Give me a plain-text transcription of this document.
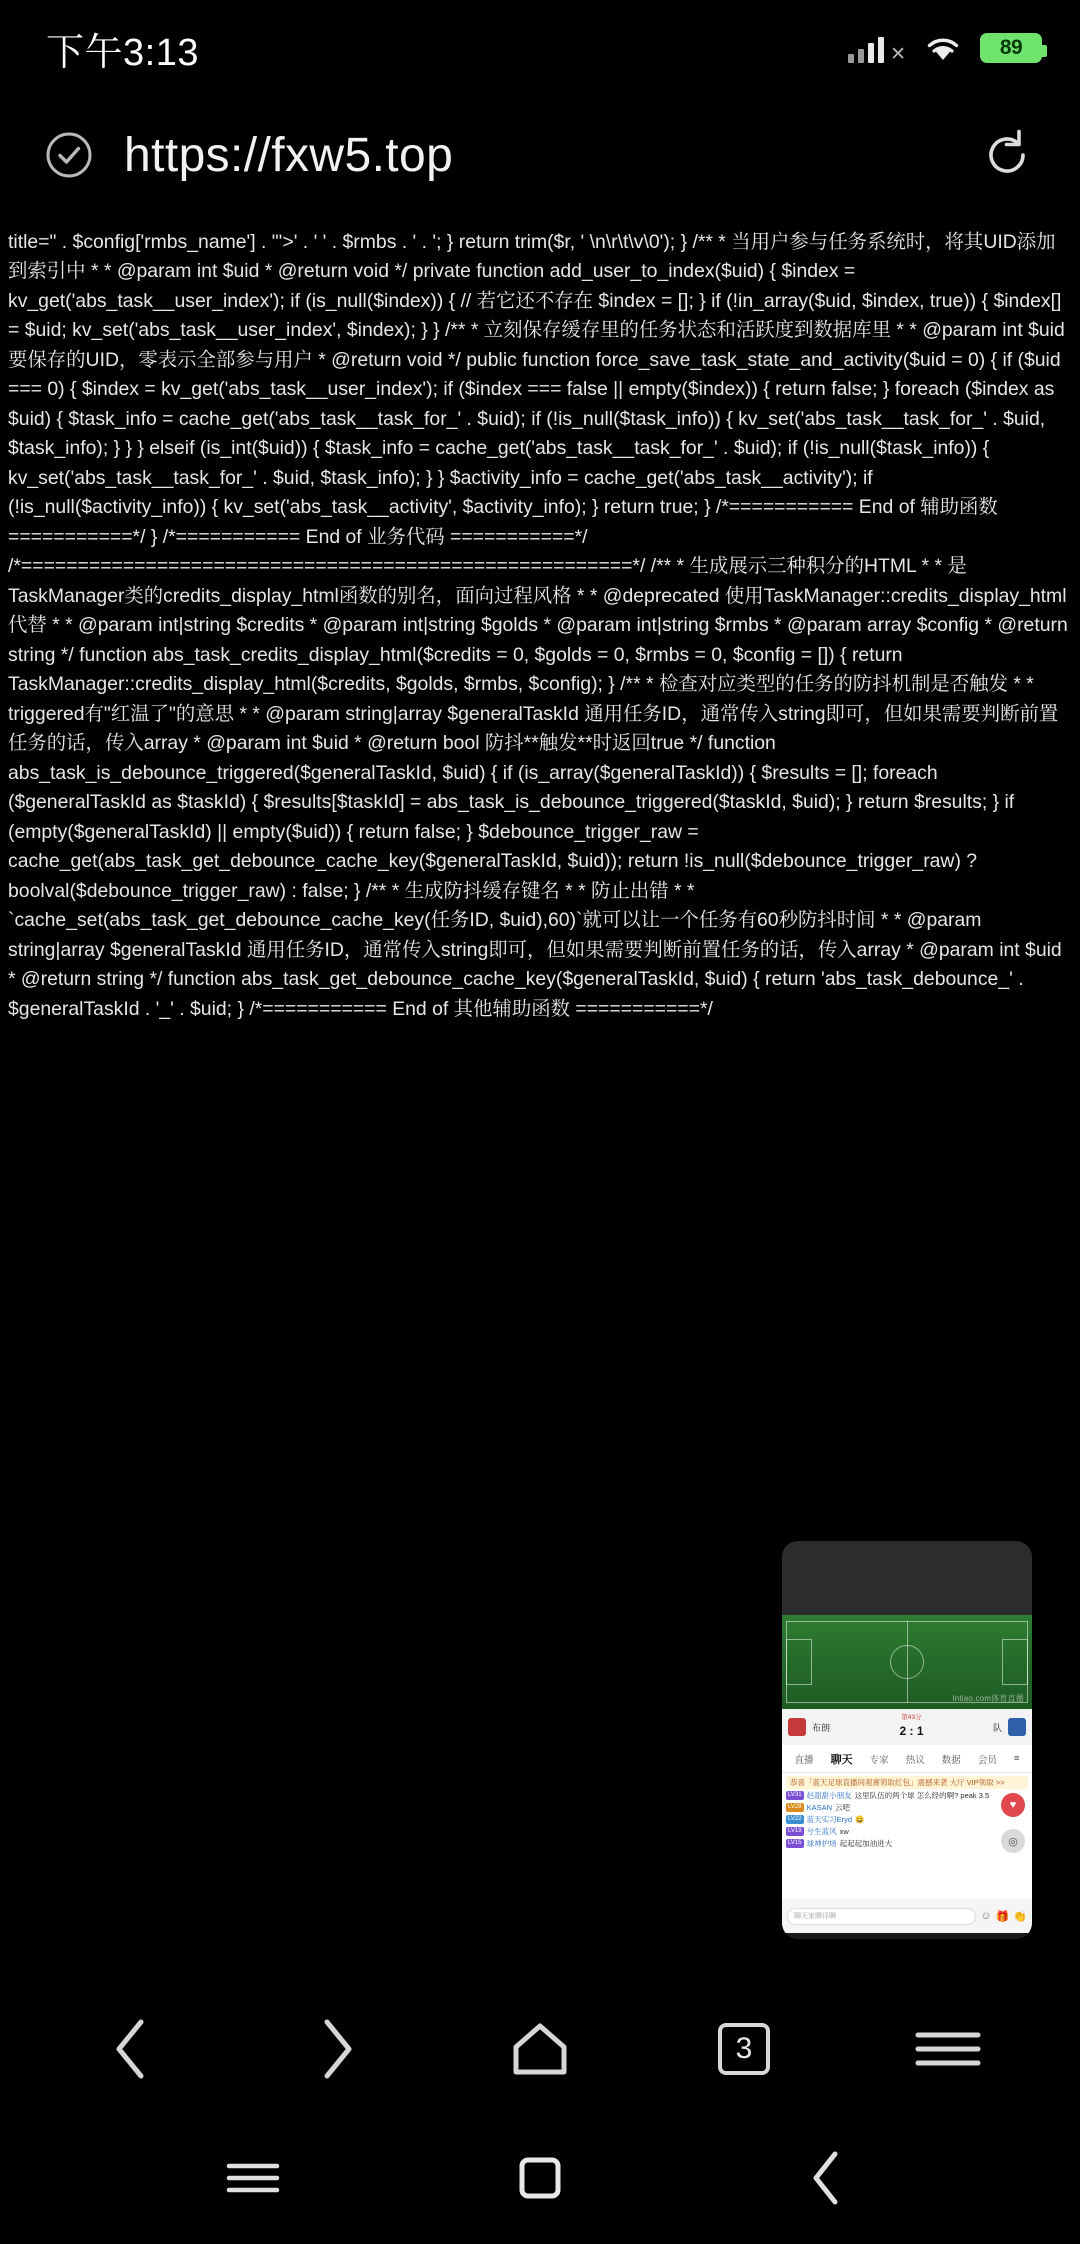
下午3:13	✕	89
https://fxw5.top
title=" . $config['rmbs_name'] . "'>' . ' ' . $rmbs . ' . '; } return trim($r, ' \n\r\t\v\0'); } /** * 当用户参与任务系统时，将其UID添加到索引中 * * @param int $uid * @return void */ private function add_user_to_index($uid) { $index = kv_get('abs_task__user_index'); if (is_null($index)) { // 若它还不存在 $index = []; } if (!in_array($uid, $index, true)) { $index[] = $uid; kv_set('abs_task__user_index', $index); } } /** * 立刻保存缓存里的任务状态和活跃度到数据库里 * * @param int $uid 要保存的UID，零表示全部参与用户 * @return void */ public function force_save_task_state_and_activity($uid = 0) { if ($uid === 0) { $index = kv_get('abs_task__user_index'); if ($index === false || empty($index)) { return false; } foreach ($index as $uid) { $task_info = cache_get('abs_task__task_for_' . $uid); if (!is_null($task_info)) { kv_set('abs_task__task_for_' . $uid, $task_info); } } } elseif (is_int($uid)) { $task_info = cache_get('abs_task__task_for_' . $uid); if (!is_null($task_info)) { kv_set('abs_task__task_for_' . $uid, $task_info); } } $activity_info = cache_get('abs_task__activity'); if (!is_null($activity_info)) { kv_set('abs_task__activity', $activity_info); } return true; } /*=========== End of 辅助函数 ===========*/ } /*=========== End of 业务代码 ===========*/ /*======================================================*/ /** * 生成展示三种积分的HTML * * 是TaskManager类的credits_display_html函数的别名，面向过程风格 * * @deprecated 使用TaskManager::credits_display_html代替 * * @param int|string $credits * @param int|string $golds * @param int|string $rmbs * @param array $config * @return string */ function abs_task_credits_display_html($credits = 0, $golds = 0, $rmbs = 0, $config = []) { return TaskManager::credits_display_html($credits, $golds, $rmbs, $config); } /** * 检查对应类型的任务的防抖机制是否触发 * * triggered有"红温了"的意思 * * @param string|array $generalTaskId 通用任务ID，通常传入string即可，但如果需要判断前置任务的话，传入array * @param int $uid * @return bool 防抖**触发**时返回true */ function abs_task_is_debounce_triggered($generalTaskId, $uid) { if (is_array($generalTaskId)) { $results = []; foreach ($generalTaskId as $taskId) { $results[$taskId] = abs_task_is_debounce_triggered($taskId, $uid); } return $results; } if (empty($generalTaskId) || empty($uid)) { return false; } $debounce_trigger_raw = cache_get(abs_task_get_debounce_cache_key($generalTaskId, $uid)); return !is_null($debounce_trigger_raw) ? boolval($debounce_trigger_raw) : false; } /** * 生成防抖缓存键名 * * 防止出错 * * `cache_set(abs_task_get_debounce_cache_key(任务ID, $uid),60)`就可以让一个任务有60秒防抖时间 * * @param string|array $generalTaskId 通用任务ID，通常传入string即可，但如果需要判断前置任务的话，传入array * @param int $uid * @return string */ function abs_task_get_debounce_cache_key($generalTaskId, $uid) { return 'abs_task_debounce_' . $generalTaskId . '_' . $uid; } /*=========== End of 其他辅助函数 ===========*/
lntiao.com体育直播
布朗
第43分
2 : 1	队
直播 聊天 专家 热议 数据 会员 ≡
恭喜「蓝天足球直播间观赛领取红包」震撼来袭 大厅 VIP领取 >>
LV31 赵甜甜小朋友 这里队伍的两个球 怎么经的啊? peak 3.5
LV28 KASAN 云吧
LV22 蓝天实习Eryd 😄
LV19 兮生蓝风 xw
LV15 球神护场 起起起加油进大
聊天家聊详聊	☺ 🎁 👏
♥
◎
3
